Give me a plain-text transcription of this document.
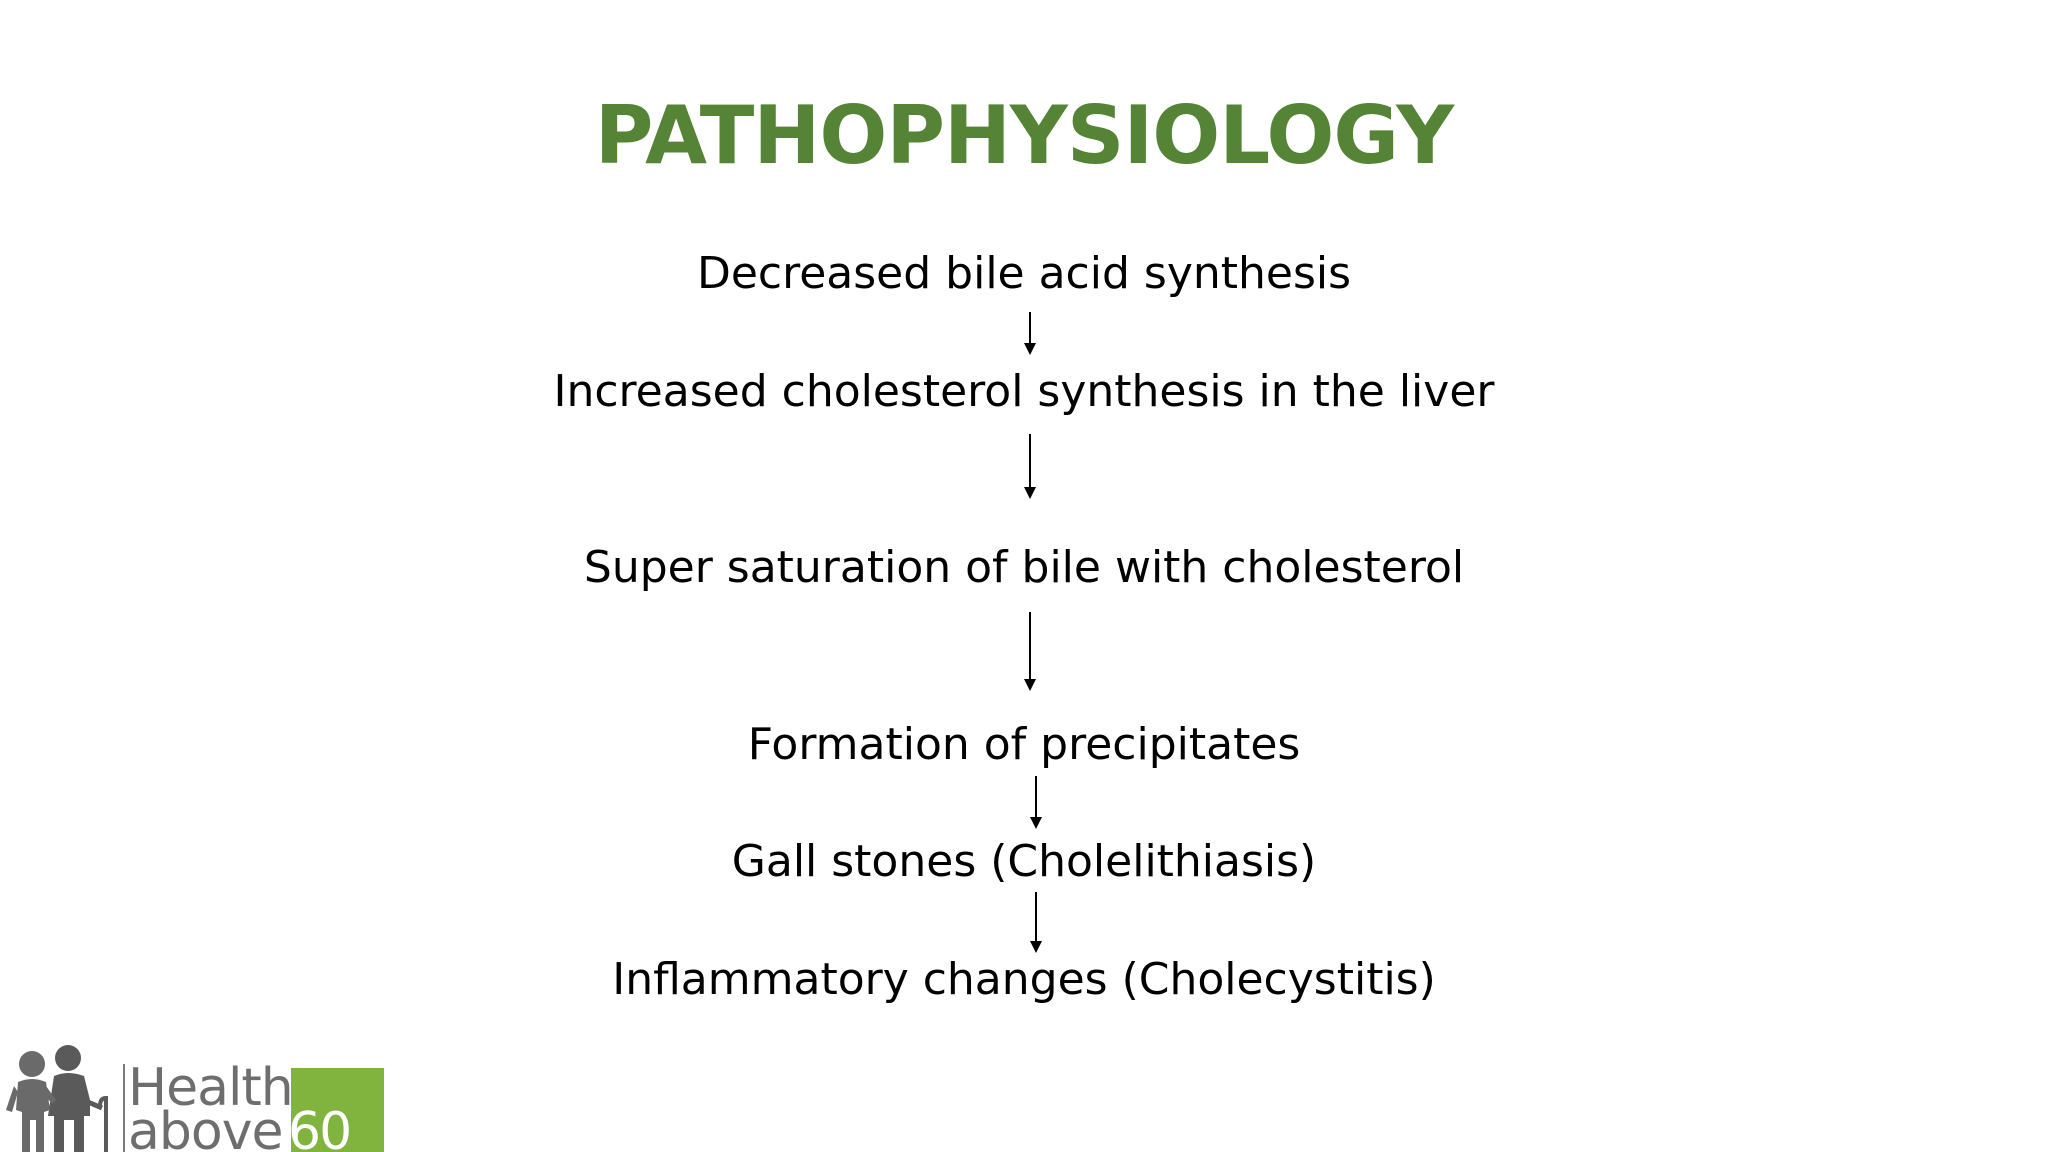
PATHOPHYSIOLOGY
Decreased bile acid synthesis
Increased cholesterol synthesis in the liver
Super saturation of bile with cholesterol
Formation of precipitates
Gall stones (Cholelithiasis)
Inflammatory changes (Cholecystitis)
Health
above 60
